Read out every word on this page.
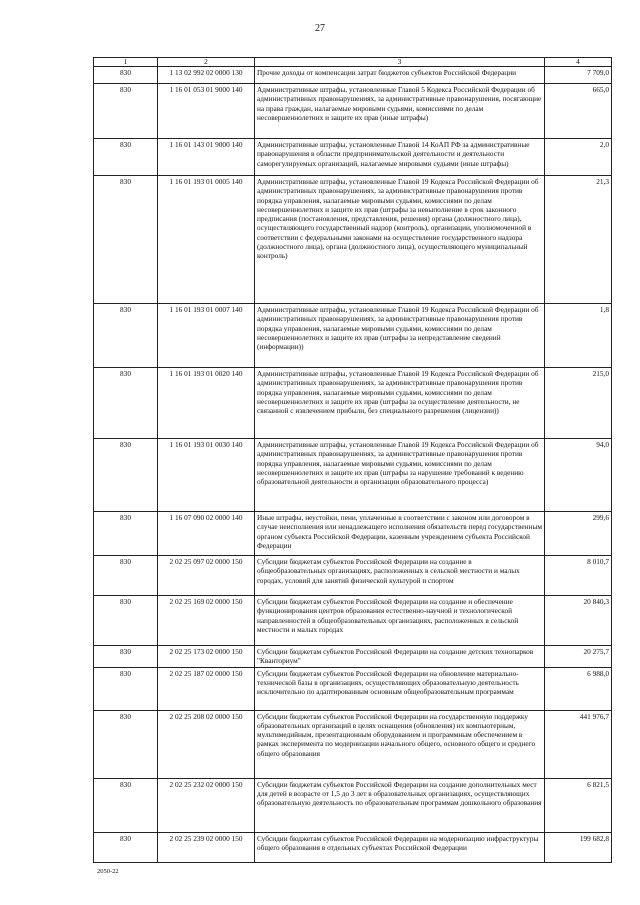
27
1	2	3	4
830	1 13 02 992 02 0000 130	Прочие доходы от компенсации затрат бюджетов субъектов Российской Федерации	7 709,0
830	1 16 01 053 01 9000 140	Административные штрафы, установленные Главой 5 Кодекса Российской Федерации об административных правонарушениях, за административные правонарушения, посягающие на права граждан, налагаемые мировыми судьями, комиссиями по делам несовершеннолетних и защите их прав (иные штрафы)	665,0
830	1 16 01 143 01 9000 140	Административные штрафы, установленные Главой 14 КоАП РФ за административные правонарушения в области предпринимательской деятельности и деятельности саморегулируемых организаций, налагаемые мировыми судьями (иные штрафы)	2,0
830	1 16 01 193 01 0005 140	Административные штрафы, установленные Главой 19 Кодекса Российской Федерации об административных правонарушениях, за административные правонарушения против порядка управления, налагаемые мировыми судьями, комиссиями по делам несовершеннолетних и защите их прав (штрафы за невыполнение в срок законного предписания (постановления, представления, решения) органа (должностного лица), осуществляющего государственный надзор (контроль), организации, уполномоченной в соответствии с федеральными законами на осуществление государственного надзора (должностного лица), органа (должностного лица), осуществляющего муниципальный контроль)	21,3
830	1 16 01 193 01 0007 140	Административные штрафы, установленные Главой 19 Кодекса Российской Федерации об административных правонарушениях, за административные правонарушения против порядка управления, налагаемые мировыми судьями, комиссиями по делам несовершеннолетних и защите их прав (штрафы за непредставление сведений (информации))	1,8
830	1 16 01 193 01 0020 140	Административные штрафы, установленные Главой 19 Кодекса Российской Федерации об административных правонарушениях, за административные правонарушения против порядка управления, налагаемые мировыми судьями, комиссиями по делам несовершеннолетних и защите их прав (штрафы за осуществление деятельности, не связанной с извлечением прибыли, без специального разрешения (лицензии))	215,0
830	1 16 01 193 01 0030 140	Административные штрафы, установленные Главой 19 Кодекса Российской Федерации об административных правонарушениях, за административные правонарушения против порядка управления, налагаемые мировыми судьями, комиссиями по делам несовершеннолетних и защите их прав (штрафы за нарушение требований к ведению образовательной деятельности и организации образовательного процесса)	94,0
830	1 16 07 090 02 0000 140	Иные штрафы, неустойки, пени, уплаченные в соответствии с законом или договором в случае неисполнения или ненадлежащего исполнения обязательств перед государственным органом субъекта Российской Федерации, казенным учреждением субъекта Российской Федерации	299,6
830	2 02 25 097 02 0000 150	Субсидии бюджетам субъектов Российской Федерации на создание в общеобразовательных организациях, расположенных в сельской местности и малых городах, условий для занятий физической культурой и спортом	8 010,7
830	2 02 25 169 02 0000 150	Субсидии бюджетам субъектов Российской Федерации на создание и обеспечение функционирования центров образования естественно-научной и технологической направленностей в общеобразовательных организациях, расположенных в сельской местности и малых городах	20 840,3
830	2 02 25 173 02 0000 150	Субсидии бюджетам субъектов Российской Федерации на создание детских технопарков "Кванториум"	20 275,7
830	2 02 25 187 02 0000 150	Субсидии бюджетам субъектов Российской Федерации на обновление материально-технической базы в организациях, осуществляющих образовательную деятельность исключительно по адаптированным основным общеобразовательным программам	6 988,0
830	2 02 25 208 02 0000 150	Субсидии бюджетам субъектов Российской Федерации на государственную поддержку образовательных организаций в целях оснащения (обновления) их компьютерным, мультимедийным, презентационным оборудованием и программным обеспечением в рамках эксперимента по модернизации начального общего, основного общего и среднего общего образования	441 976,7
830	2 02 25 232 02 0000 150	Субсидии бюджетам субъектов Российской Федерации на создание дополнительных мест для детей в возрасте от 1,5 до 3 лет в образовательных организациях, осуществляющих образовательную деятельность по образовательным программам дошкольного образования	6 821,5
830	2 02 25 239 02 0000 150	Субсидии бюджетам субъектов Российской Федерации на модернизацию инфраструктуры общего образования в отдельных субъектах Российской Федерации	199 682,8
2050-22
